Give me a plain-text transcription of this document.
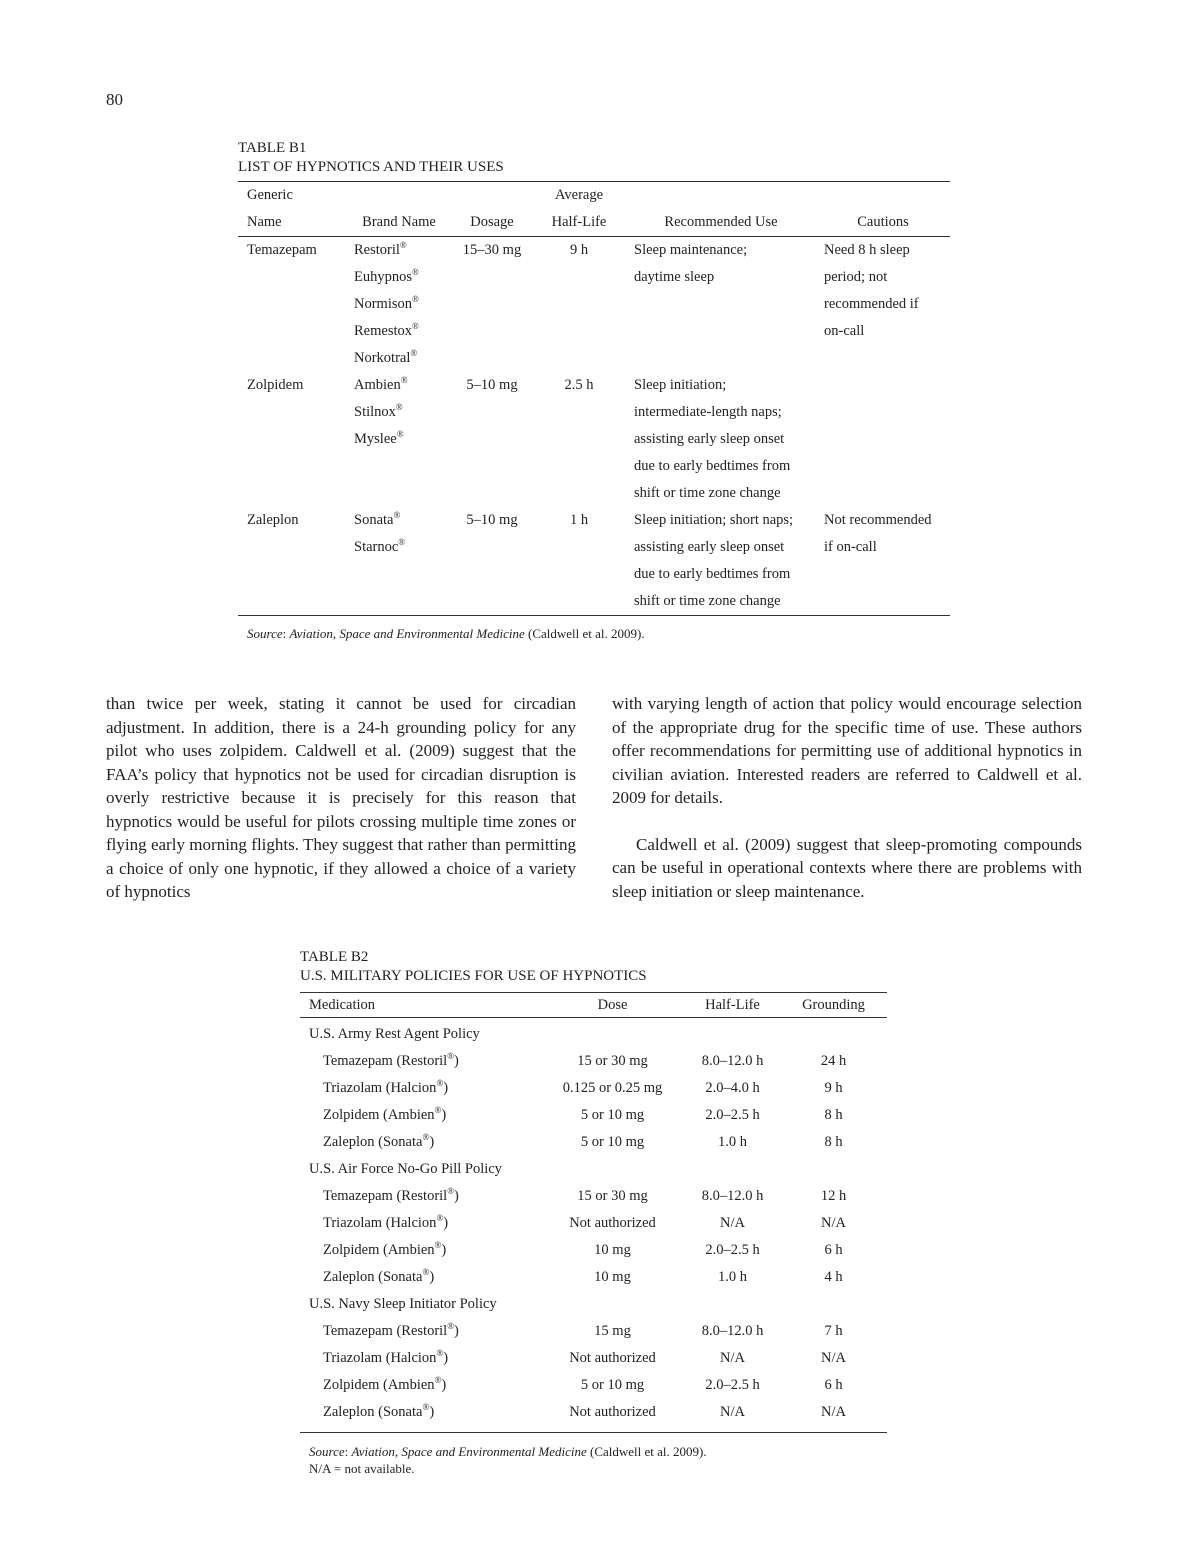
80
TABLE B1
LIST OF HYPNOTICS AND THEIR USES
Generic			Average		
Name	Brand Name	Dosage	Half-Life	Recommended Use	Cautions
Temazepam	Restoril®	15–30 mg	9 h	Sleep maintenance;	Need 8 h sleep
	Euhypnos®			daytime sleep	period; not
	Normison®				recommended if
	Remestox®				on-call
	Norkotral®				
Zolpidem	Ambien®	5–10 mg	2.5 h	Sleep initiation;	
	Stilnox®			intermediate-length naps;	
	Myslee®			assisting early sleep onset	
				due to early bedtimes from	
				shift or time zone change	
Zaleplon	Sonata®	5–10 mg	1 h	Sleep initiation; short naps;	Not recommended
	Starnoc®			assisting early sleep onset	if on-call
				due to early bedtimes from	
				shift or time zone change	
Source: Aviation, Space and Environmental Medicine (Caldwell et al. 2009).

than twice per week, stating it cannot be used for circadian adjustment. In addition, there is a 24-h grounding policy for any pilot who uses zolpidem. Caldwell et al. (2009) suggest that the FAA’s policy that hypnotics not be used for circadian disruption is overly restrictive because it is precisely for this reason that hypnotics would be useful for pilots crossing multiple time zones or flying early morning flights. They suggest that rather than permitting a choice of only one hypnotic, if they allowed a choice of a variety of hypnotics

with varying length of action that policy would encourage selection of the appropriate drug for the specific time of use. These authors offer recommendations for permitting use of additional hypnotics in civilian aviation. Interested readers are referred to Caldwell et al. 2009 for details.

Caldwell et al. (2009) suggest that sleep-promoting compounds can be useful in operational contexts where there are problems with sleep initiation or sleep maintenance.

TABLE B2
U.S. MILITARY POLICIES FOR USE OF HYPNOTICS
Medication	Dose	Half-Life	Grounding
U.S. Army Rest Agent Policy			
Temazepam (Restoril®)	15 or 30 mg	8.0–12.0 h	24 h
Triazolam (Halcion®)	0.125 or 0.25 mg	2.0–4.0 h	9 h
Zolpidem (Ambien®)	5 or 10 mg	2.0–2.5 h	8 h
Zaleplon (Sonata®)	5 or 10 mg	1.0 h	8 h
U.S. Air Force No-Go Pill Policy			
Temazepam (Restoril®)	15 or 30 mg	8.0–12.0 h	12 h
Triazolam (Halcion®)	Not authorized	N/A	N/A
Zolpidem (Ambien®)	10 mg	2.0–2.5 h	6 h
Zaleplon (Sonata®)	10 mg	1.0 h	4 h
U.S. Navy Sleep Initiator Policy			
Temazepam (Restoril®)	15 mg	8.0–12.0 h	7 h
Triazolam (Halcion®)	Not authorized	N/A	N/A
Zolpidem (Ambien®)	5 or 10 mg	2.0–2.5 h	6 h
Zaleplon (Sonata®)	Not authorized	N/A	N/A
Source: Aviation, Space and Environmental Medicine (Caldwell et al. 2009).
N/A = not available.
